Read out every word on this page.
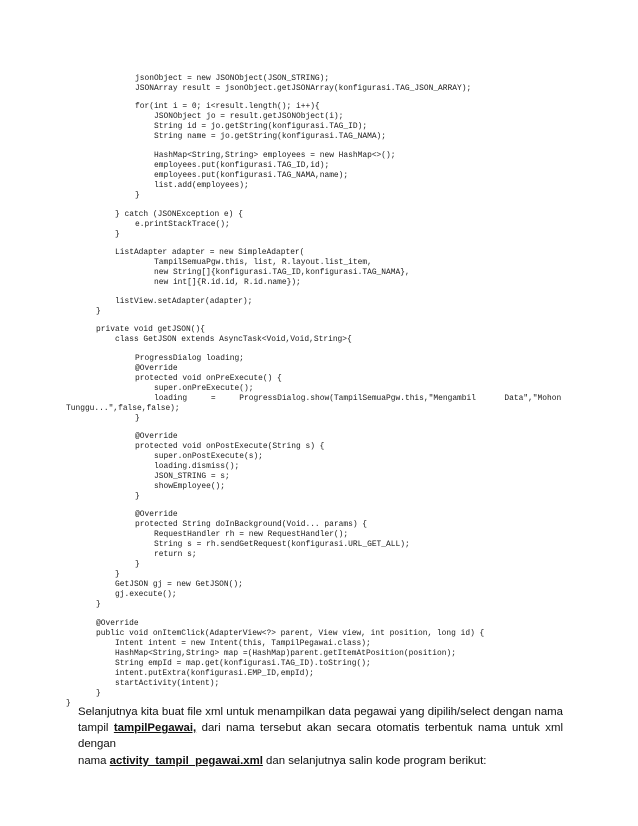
jsonObject = new JSONObject(JSON_STRING);
JSONArray result = jsonObject.getJSONArray(konfigurasi.TAG_JSON_ARRAY);
for(int i = 0; i<result.length(); i++){
JSONObject jo = result.getJSONObject(i);
String id = jo.getString(konfigurasi.TAG_ID);
String name = jo.getString(konfigurasi.TAG_NAMA);
HashMap<String,String> employees = new HashMap<>();
employees.put(konfigurasi.TAG_ID,id);
employees.put(konfigurasi.TAG_NAMA,name);
list.add(employees);
}
} catch (JSONException e) {
e.printStackTrace();
}
ListAdapter adapter = new SimpleAdapter(
TampilSemuaPgw.this, list, R.layout.list_item,
new String[]{konfigurasi.TAG_ID,konfigurasi.TAG_NAMA},
new int[]{R.id.id, R.id.name});
listView.setAdapter(adapter);
}
private void getJSON(){
class GetJSON extends AsyncTask<Void,Void,String>{
ProgressDialog loading;
@Override
protected void onPreExecute() {
super.onPreExecute();
loading     =     ProgressDialog.show(TampilSemuaPgw.this,"Mengambil      Data","Mohon
Tunggu...",false,false);
}
@Override
protected void onPostExecute(String s) {
super.onPostExecute(s);
loading.dismiss();
JSON_STRING = s;
showEmployee();
}
@Override
protected String doInBackground(Void... params) {
RequestHandler rh = new RequestHandler();
String s = rh.sendGetRequest(konfigurasi.URL_GET_ALL);
return s;
}
}
GetJSON gj = new GetJSON();
gj.execute();
}
@Override
public void onItemClick(AdapterView<?> parent, View view, int position, long id) {
Intent intent = new Intent(this, TampilPegawai.class);
HashMap<String,String> map =(HashMap)parent.getItemAtPosition(position);
String empId = map.get(konfigurasi.TAG_ID).toString();
intent.putExtra(konfigurasi.EMP_ID,empId);
startActivity(intent);
}
}
Selanjutnya kita buat file xml untuk menampilkan data pegawai yang dipilih/select dengan nama
tampil tampilPegawai, dari nama tersebut akan secara otomatis terbentuk nama untuk xml dengan
nama activity_tampil_pegawai.xml dan selanjutnya salin kode program berikut:
